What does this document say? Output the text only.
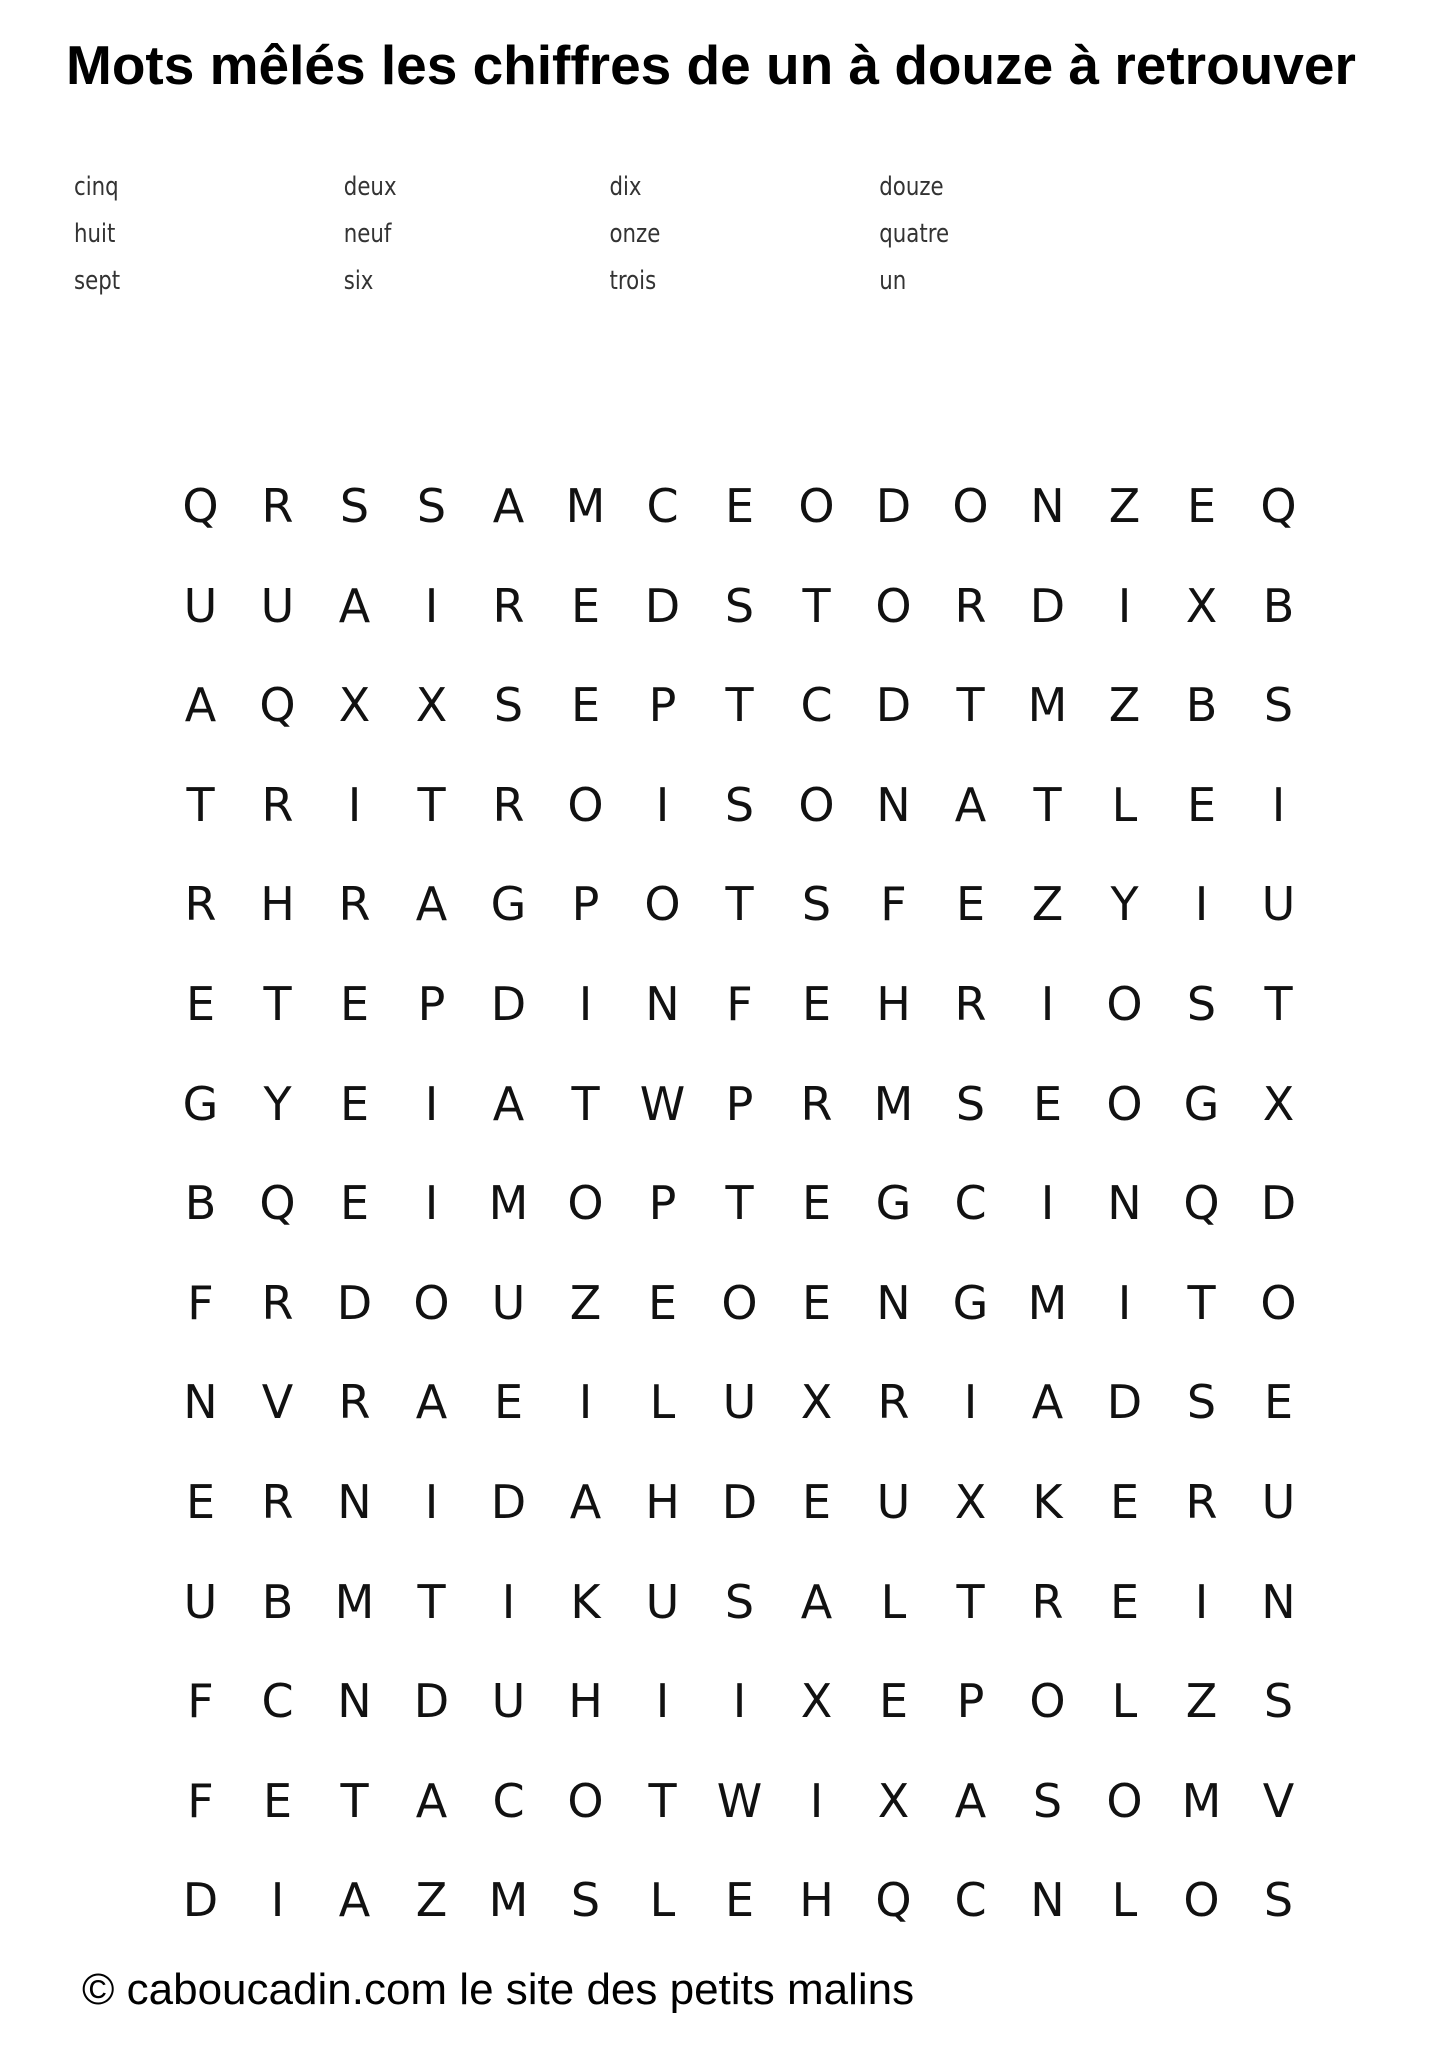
Mots mêlés les chiffres de un à douze à retrouver
cinq	deux	dix	douze
huit	neuf	onze	quatre
sept	six	trois	un
Q R	S	S	A M C	E O D O N Z	E Q
U U A	I	R	E D S	T O R D	I	X B
A Q X X	S	E	P	T	C D T M Z B	S
T	R	I	T	R O	I	S O N A	T	L	E	I
R H R A G P O T	S	F	E	Z	Y	I	U
E	T	E	P D	I	N	F	E H R	I	O S	T
G Y	E	I	A	T W P	R M S	E O G X
B Q E	I	M O P	T	E G C	I	N Q D
F	R D O U Z	E O E N G M	I	T O
N V R A	E	I	L	U X R	I	A D S	E
E	R N	I	D A H D E U X	K	E	R U
U B M T	I	K U S	A	L	T	R	E	I	N
F	C N D U H	I	I	X	E	P O	L	Z	S
F	E	T	A C O T W	I	X A	S O M V
D	I	A Z M S	L	E H Q C N	L	O S
© caboucadin.com le site des petits malins
